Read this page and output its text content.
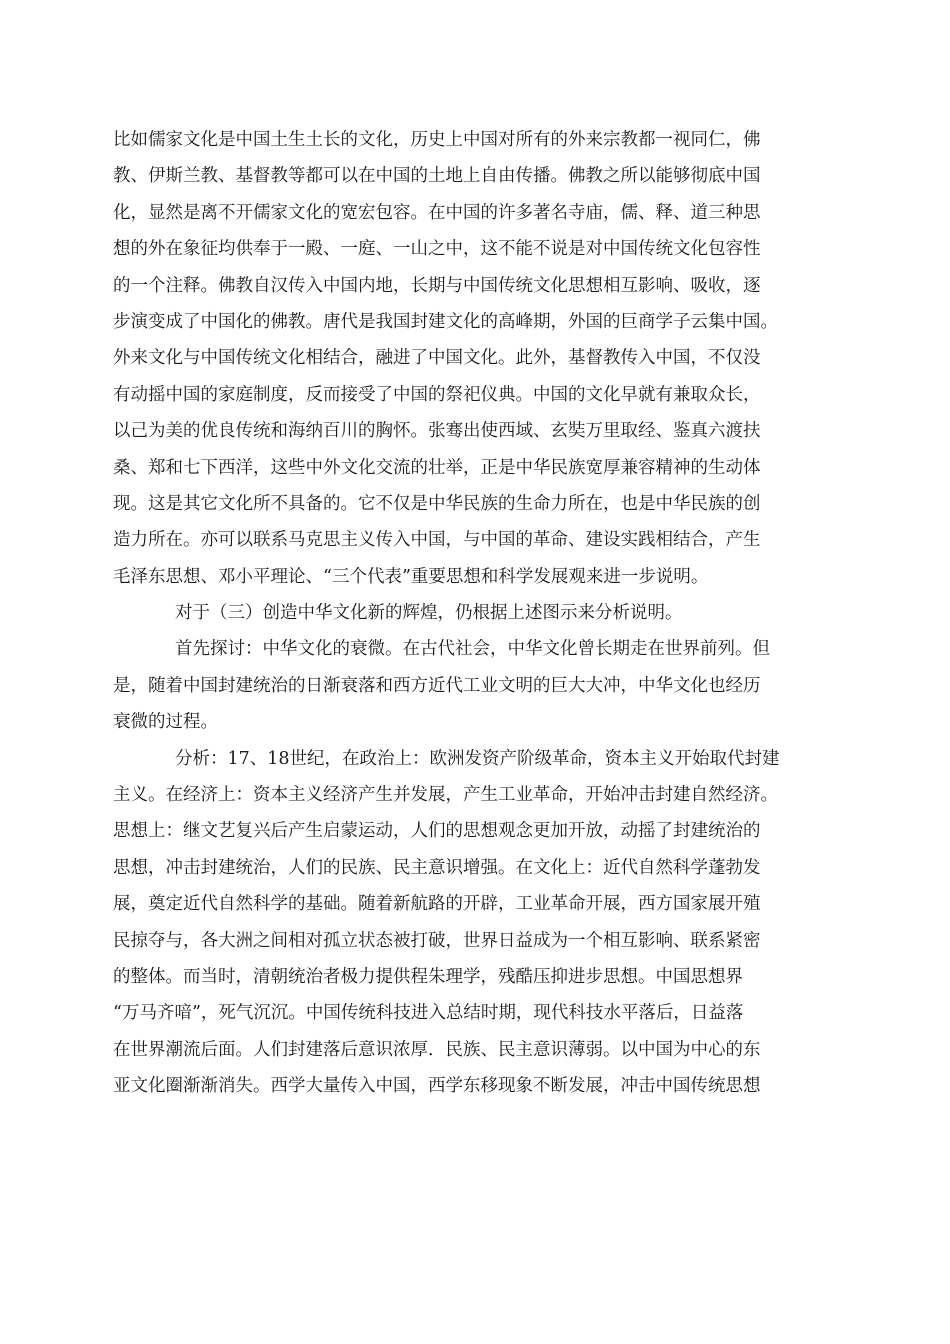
比如儒家文化是中国土生土长的文化，历史上中国对所有的外来宗教都一视同仁，佛
教、伊斯兰教、基督教等都可以在中国的土地上自由传播。佛教之所以能够彻底中国
化，显然是离不开儒家文化的宽宏包容。在中国的许多著名寺庙，儒、释、道三种思
想的外在象征均供奉于一殿、一庭、一山之中，这不能不说是对中国传统文化包容性
的一个注释。佛教自汉传入中国内地，长期与中国传统文化思想相互影响、吸收，逐
步演变成了中国化的佛教。唐代是我国封建文化的高峰期，外国的巨商学子云集中国。
外来文化与中国传统文化相结合，融进了中国文化。此外，基督教传入中国，不仅没
有动摇中国的家庭制度，反而接受了中国的祭祀仪典。中国的文化早就有兼取众长，
以己为美的优良传统和海纳百川的胸怀。张骞出使西域、玄奘万里取经、鉴真六渡扶
桑、郑和七下西洋，这些中外文化交流的壮举，正是中华民族宽厚兼容精神的生动体
现。这是其它文化所不具备的。它不仅是中华民族的生命力所在，也是中华民族的创
造力所在。亦可以联系马克思主义传入中国，与中国的革命、建设实践相结合，产生
毛泽东思想、邓小平理论、“三个代表”重要思想和科学发展观来进一步说明。
对于（三）创造中华文化新的辉煌，仍根据上述图示来分析说明。
首先探讨：中华文化的衰微。在古代社会，中华文化曾长期走在世界前列。但
是，随着中国封建统治的日渐衰落和西方近代工业文明的巨大大冲，中华文化也经历
衰微的过程。
分析：17、18世纪，在政治上：欧洲发资产阶级革命，资本主义开始取代封建
主义。在经济上：资本主义经济产生并发展，产生工业革命，开始冲击封建自然经济。
思想上：继文艺复兴后产生启蒙运动，人们的思想观念更加开放，动摇了封建统治的
思想，冲击封建统治，人们的民族、民主意识增强。在文化上：近代自然科学蓬勃发
展，奠定近代自然科学的基础。随着新航路的开辟，工业革命开展，西方国家展开殖
民掠夺与，各大洲之间相对孤立状态被打破，世界日益成为一个相互影响、联系紧密
的整体。而当时，清朝统治者极力提供程朱理学，残酷压抑进步思想。中国思想界
“万马齐喑”，死气沉沉。中国传统科技进入总结时期，现代科技水平落后，日益落
在世界潮流后面。人们封建落后意识浓厚．民族、民主意识薄弱。以中国为中心的东
亚文化圈渐渐消失。西学大量传入中国，西学东移现象不断发展，冲击中国传统思想
